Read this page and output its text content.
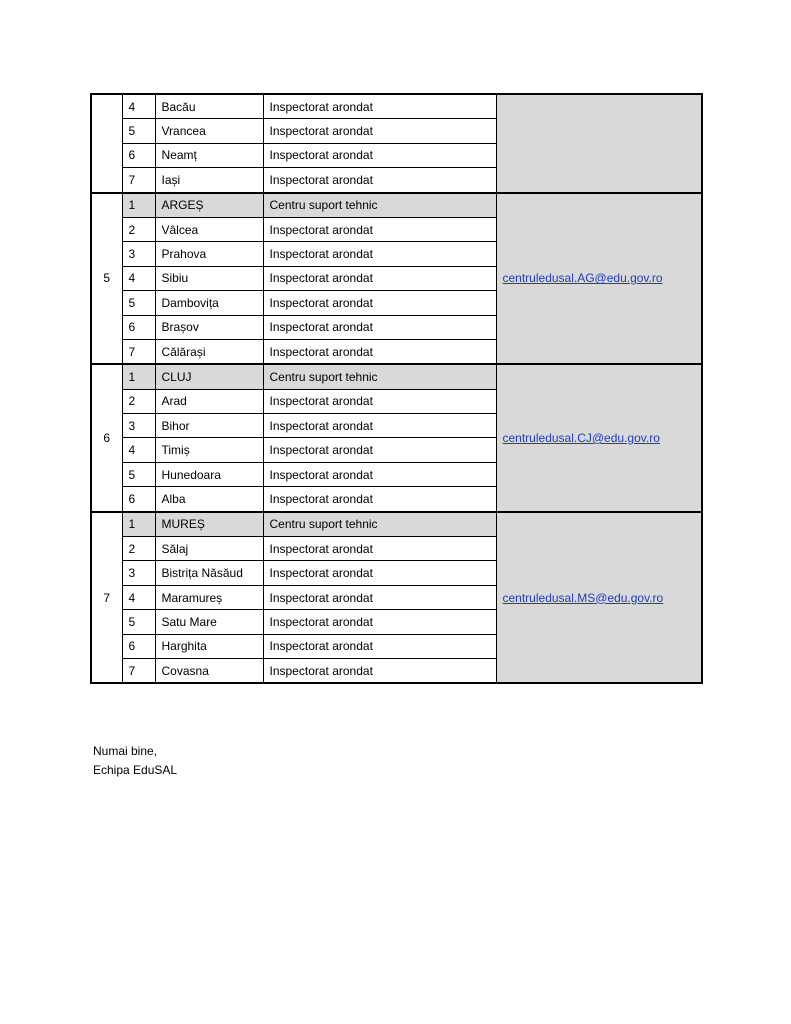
	4	Bacău	Inspectorat arondat	
	5	Vrancea	Inspectorat arondat	
	6	Neamț	Inspectorat arondat	
	7	Iași	Inspectorat arondat	
5	1	ARGEȘ	Centru suport tehnic	centruledusal.AG@edu.gov.ro
	2	Vâlcea	Inspectorat arondat	
	3	Prahova	Inspectorat arondat	
	4	Sibiu	Inspectorat arondat	
	5	Dambovița	Inspectorat arondat	
	6	Brașov	Inspectorat arondat	
	7	Călărași	Inspectorat arondat	
6	1	CLUJ	Centru suport tehnic	centruledusal.CJ@edu.gov.ro
	2	Arad	Inspectorat arondat	
	3	Bihor	Inspectorat arondat	
	4	Timiș	Inspectorat arondat	
	5	Hunedoara	Inspectorat arondat	
	6	Alba	Inspectorat arondat	
7	1	MUREȘ	Centru suport tehnic	centruledusal.MS@edu.gov.ro
	2	Sălaj	Inspectorat arondat	
	3	Bistrița Năsăud	Inspectorat arondat	
	4	Maramureș	Inspectorat arondat	
	5	Satu Mare	Inspectorat arondat	
	6	Harghita	Inspectorat arondat	
	7	Covasna	Inspectorat arondat	
Numai bine,
Echipa EduSAL
